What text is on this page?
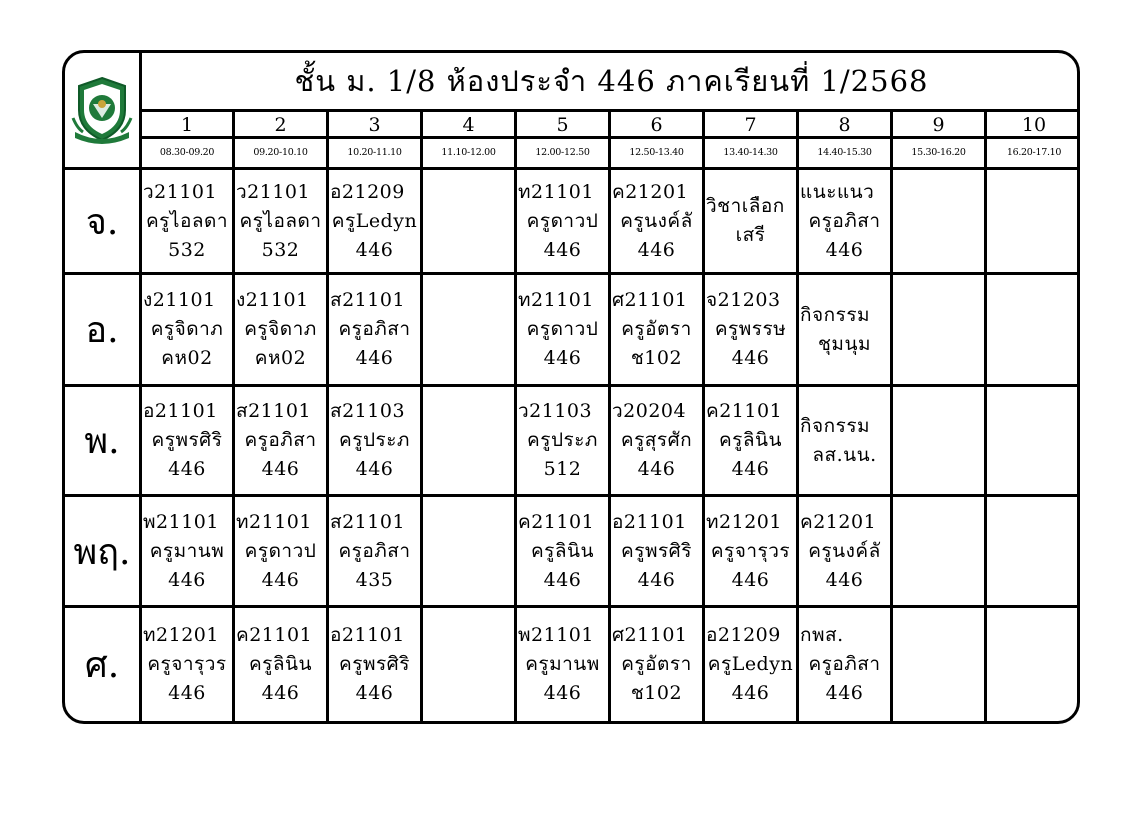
ชั้น ม. 1/8 ห้องประจำ 446 ภาคเรียนที่ 1/2568
1
08.30-09.20
2
09.20-10.10
3
10.20-11.10
4
11.10-12.00
5
12.00-12.50
6
12.50-13.40
7
13.40-14.30
8
14.40-15.30
9
15.30-16.20
10
16.20-17.10
จ.
ว21101
ครูไอลดา
532
ว21101
ครูไอลดา
532
อ21209
ครูLedyn
446
ท21101
ครูดาวป
446
ค21201
ครูนงค์ลั
446
วิชาเลือก
เสรี
แนะแนว
ครูอภิสา
446
อ.
ง21101
ครูจิดาภ
คห02
ง21101
ครูจิดาภ
คห02
ส21101
ครูอภิสา
446
ท21101
ครูดาวป
446
ศ21101
ครูอัตรา
ช102
จ21203
ครูพรรษ
446
กิจกรรม
ชุมนุม
พ.
อ21101
ครูพรศิริ
446
ส21101
ครูอภิสา
446
ส21103
ครูประภ
446
ว21103
ครูประภ
512
ว20204
ครูสุรศัก
446
ค21101
ครูลินิน
446
กิจกรรม
ลส.นน.
พฤ.
พ21101
ครูมานพ
446
ท21101
ครูดาวป
446
ส21101
ครูอภิสา
435
ค21101
ครูลินิน
446
อ21101
ครูพรศิริ
446
ท21201
ครูจารุวร
446
ค21201
ครูนงค์ลั
446
ศ.
ท21201
ครูจารุวร
446
ค21101
ครูลินิน
446
อ21101
ครูพรศิริ
446
พ21101
ครูมานพ
446
ศ21101
ครูอัตรา
ช102
อ21209
ครูLedyn
446
กพส.
ครูอภิสา
446
